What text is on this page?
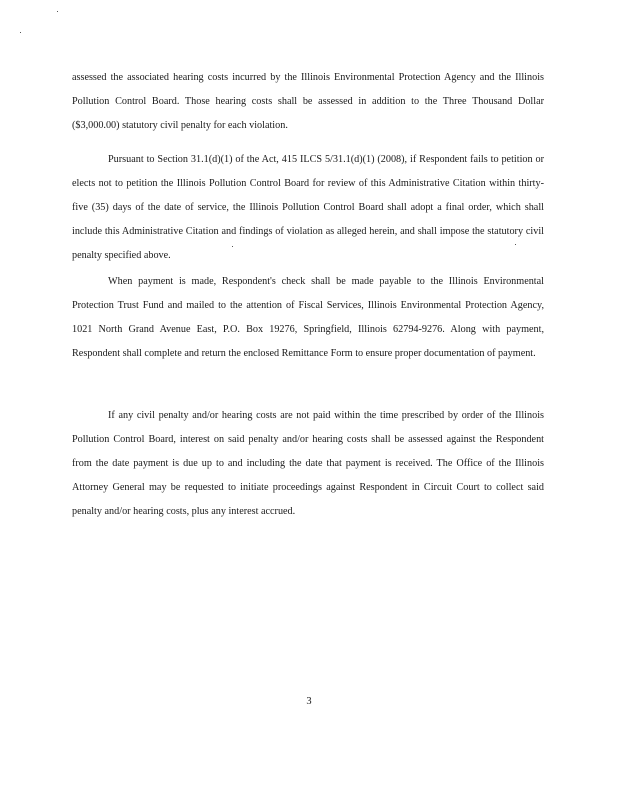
assessed the associated hearing costs incurred by the Illinois Environmental Protection Agency and the Illinois Pollution Control Board. Those hearing costs shall be assessed in addition to the Three Thousand Dollar ($3,000.00) statutory civil penalty for each violation.

Pursuant to Section 31.1(d)(1) of the Act, 415 ILCS 5/31.1(d)(1) (2008), if Respondent fails to petition or elects not to petition the Illinois Pollution Control Board for review of this Administrative Citation within thirty-five (35) days of the date of service, the Illinois Pollution Control Board shall adopt a final order, which shall include this Administrative Citation and findings of violation as alleged herein, and shall impose the statutory civil penalty specified above.

When payment is made, Respondent's check shall be made payable to the Illinois Environmental Protection Trust Fund and mailed to the attention of Fiscal Services, Illinois Environmental Protection Agency, 1021 North Grand Avenue East, P.O. Box 19276, Springfield, Illinois 62794-9276. Along with payment, Respondent shall complete and return the enclosed Remittance Form to ensure proper documentation of payment.

If any civil penalty and/or hearing costs are not paid within the time prescribed by order of the Illinois Pollution Control Board, interest on said penalty and/or hearing costs shall be assessed against the Respondent from the date payment is due up to and including the date that payment is received. The Office of the Illinois Attorney General may be requested to initiate proceedings against Respondent in Circuit Court to collect said penalty and/or hearing costs, plus any interest accrued.

3
